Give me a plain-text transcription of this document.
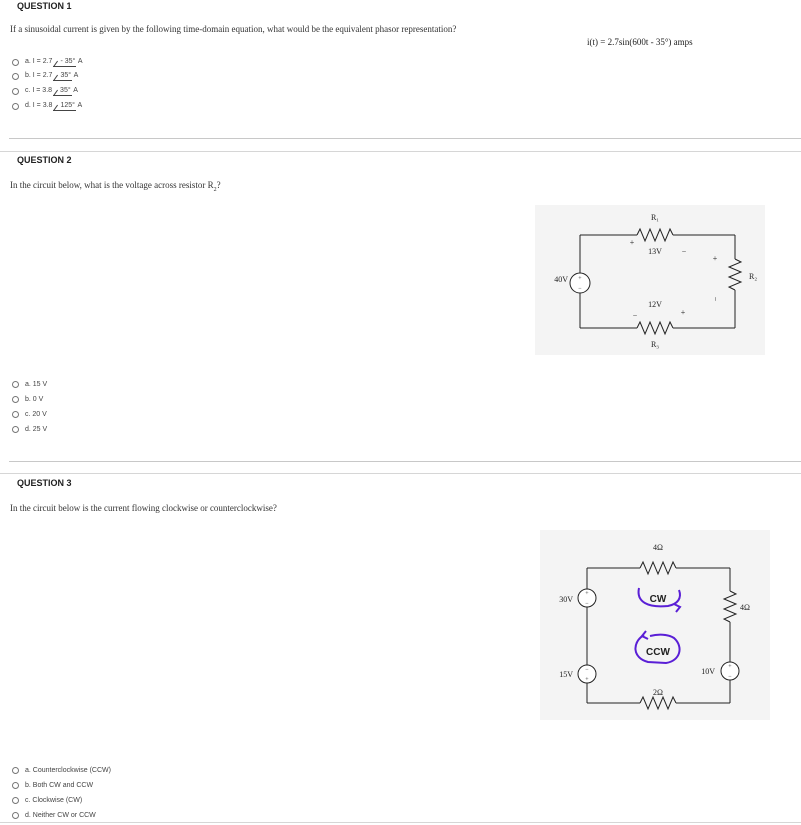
QUESTION 1
If a sinusoidal current is given by the following time-domain equation, what would be the equivalent phasor representation?
i(t) = 2.7sin(600t - 35°) amps
a. I = 2.7 - 35° A
b. I = 2.7 35° A
c. I = 3.8 35° A
d. I = 3.8 125° A
QUESTION 2
In the circuit below, what is the voltage across resistor $R_2$?
+
−
40V
R₁
+
13V −
+
R₂
−
12V
−	+
R₃
a. 15 V
b. 0 V
c. 20 V
d. 25 V
QUESTION 3
In the circuit below is the current flowing clockwise or counterclockwise?
+
−
−
+
+
−
30V
15V	10V
4Ω
4Ω
2Ω
CW
CCW
a. Counterclockwise (CCW)
b. Both CW and CCW
c. Clockwise (CW)
d. Neither CW or CCW
